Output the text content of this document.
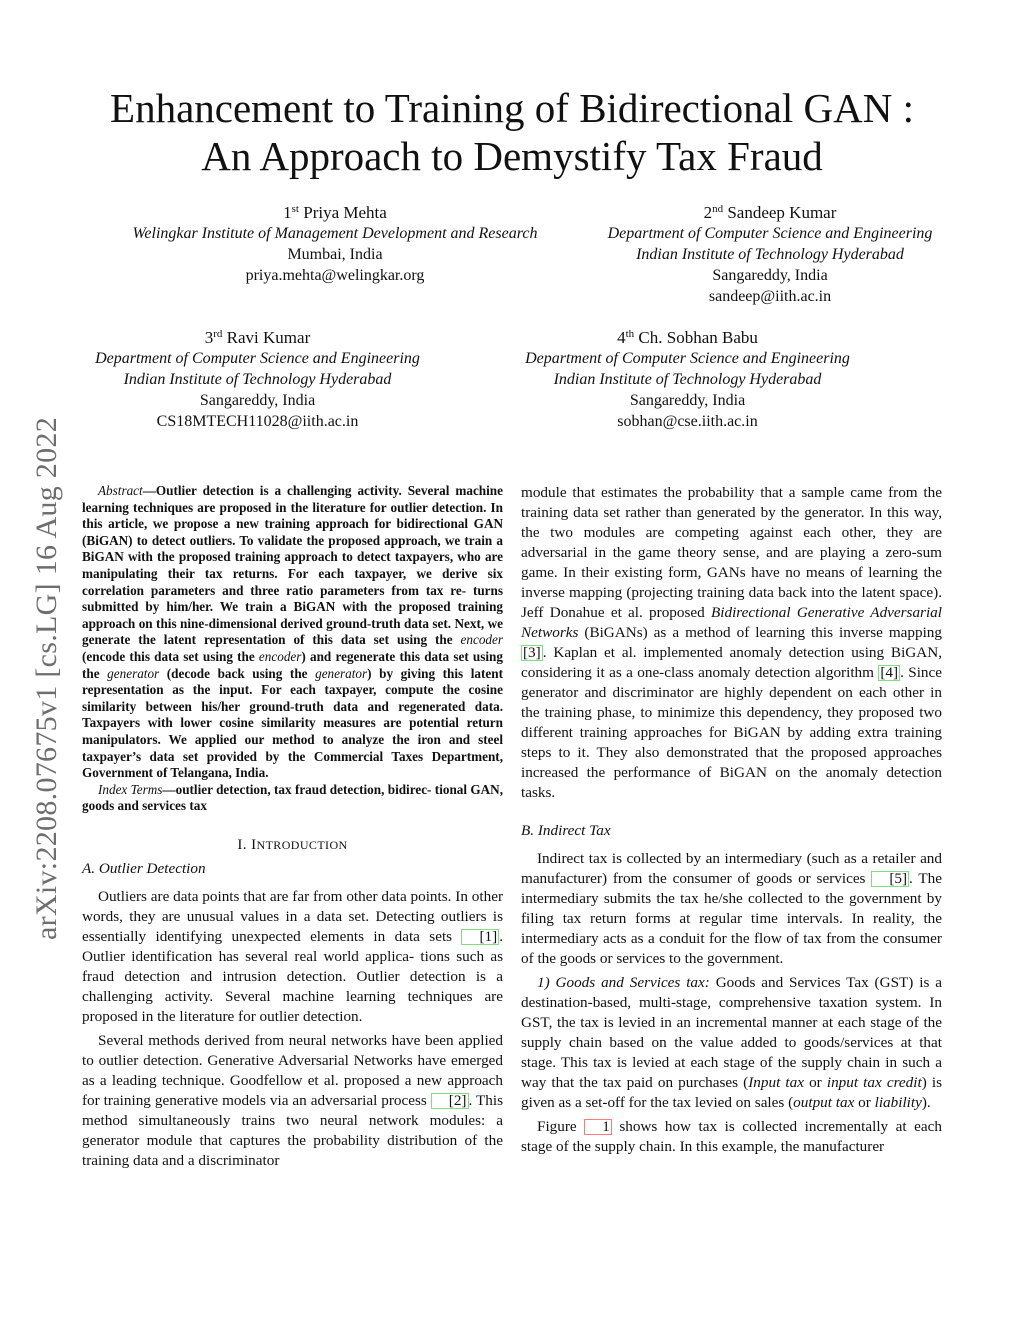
arXiv:2208.07675v1 [cs.LG] 16 Aug 2022
Enhancement to Training of Bidirectional GAN :
An Approach to Demystify Tax Fraud
1st Priya Mehta
Welingkar Institute of Management Development and Research
Mumbai, India
priya.mehta@welingkar.org
2nd Sandeep Kumar
Department of Computer Science and Engineering
Indian Institute of Technology Hyderabad
Sangareddy, India
sandeep@iith.ac.in
3rd Ravi Kumar
Department of Computer Science and Engineering
Indian Institute of Technology Hyderabad
Sangareddy, India
CS18MTECH11028@iith.ac.in
4th Ch. Sobhan Babu
Department of Computer Science and Engineering
Indian Institute of Technology Hyderabad
Sangareddy, India
sobhan@cse.iith.ac.in

Abstract—Outlier detection is a challenging activity. Several machine learning techniques are proposed in the literature for outlier detection. In this article, we propose a new training approach for bidirectional GAN (BiGAN) to detect outliers. To validate the proposed approach, we train a BiGAN with the proposed training approach to detect taxpayers, who are manipulating their tax returns. For each taxpayer, we derive six correlation parameters and three ratio parameters from tax re- turns submitted by him/her. We train a BiGAN with the proposed training approach on this nine-dimensional derived ground-truth data set. Next, we generate the latent representation of this data set using the encoder (encode this data set using the encoder) and regenerate this data set using the generator (decode back using the generator) by giving this latent representation as the input. For each taxpayer, compute the cosine similarity between his/her ground-truth data and regenerated data. Taxpayers with lower cosine similarity measures are potential return manipulators. We applied our method to analyze the iron and steel taxpayer’s data set provided by the Commercial Taxes Department, Government of Telangana, India.

Index Terms—outlier detection, tax fraud detection, bidirec- tional GAN, goods and services tax

I. INTRODUCTION
A. Outlier Detection

Outliers are data points that are far from other data points. In other words, they are unusual values in a data set. Detecting outliers is essentially identifying unexpected elements in data sets [1] . Outlier identification has several real world applica- tions such as fraud detection and intrusion detection. Outlier detection is a challenging activity. Several machine learning techniques are proposed in the literature for outlier detection.

Several methods derived from neural networks have been applied to outlier detection. Generative Adversarial Networks have emerged as a leading technique. Goodfellow et al. proposed a new approach for training generative models via an adversarial process [2] . This method simultaneously trains two neural network modules: a generator module that captures the probability distribution of the training data and a discriminator

module that estimates the probability that a sample came from the training data set rather than generated by the generator. In this way, the two modules are competing against each other, they are adversarial in the game theory sense, and are playing a zero-sum game. In their existing form, GANs have no means of learning the inverse mapping (projecting training data back into the latent space). Jeff Donahue et al. proposed Bidirectional Generative Adversarial Networks (BiGANs) as a method of learning this inverse mapping [3] . Kaplan et al. implemented anomaly detection using BiGAN, considering it as a one-class anomaly detection algorithm [4] . Since generator and discriminator are highly dependent on each other in the training phase, to minimize this dependency, they proposed two different training approaches for BiGAN by adding extra training steps to it. They also demonstrated that the proposed approaches increased the performance of BiGAN on the anomaly detection tasks.

B. Indirect Tax

Indirect tax is collected by an intermediary (such as a retailer and manufacturer) from the consumer of goods or services [5] . The intermediary submits the tax he/she collected to the government by filing tax return forms at regular time intervals. In reality, the intermediary acts as a conduit for the flow of tax from the consumer of the goods or services to the government.

1) Goods and Services tax: Goods and Services Tax (GST) is a destination-based, multi-stage, comprehensive taxation system. In GST, the tax is levied in an incremental manner at each stage of the supply chain based on the value added to goods/services at that stage. This tax is levied at each stage of the supply chain in such a way that the tax paid on purchases (Input tax or input tax credit) is given as a set-off for the tax levied on sales (output tax or liability).

Figure 1 shows how tax is collected incrementally at each stage of the supply chain. In this example, the manufacturer
